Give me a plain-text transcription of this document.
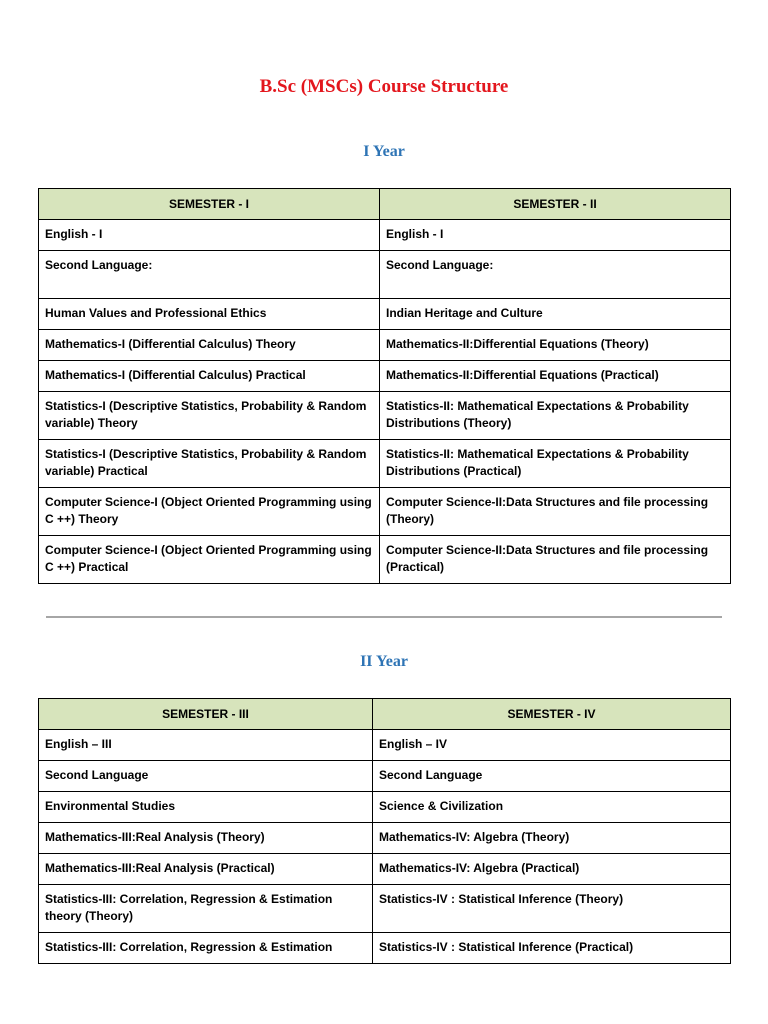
B.Sc (MSCs) Course Structure
I Year
SEMESTER - I	SEMESTER - II
English - I	English - I
Second Language:	Second Language:
Human Values and Professional Ethics	Indian Heritage and Culture
Mathematics-I (Differential Calculus) Theory	Mathematics-II:Differential Equations (Theory)
Mathematics-I (Differential Calculus) Practical	Mathematics-II:Differential Equations (Practical)
Statistics-I (Descriptive Statistics, Probability & Random variable) Theory	Statistics-II: Mathematical Expectations & Probability Distributions (Theory)
Statistics-I (Descriptive Statistics, Probability & Random variable) Practical	Statistics-II: Mathematical Expectations & Probability Distributions (Practical)
Computer Science-I (Object Oriented Programming using C ++) Theory	Computer Science-II:Data Structures and file processing (Theory)
Computer Science-I (Object Oriented Programming using C ++) Practical	Computer Science-II:Data Structures and file processing (Practical)
II Year
SEMESTER - III	SEMESTER - IV
English – III	English – IV
Second Language	Second Language
Environmental Studies	Science & Civilization
Mathematics-III:Real Analysis (Theory)	Mathematics-IV: Algebra (Theory)
Mathematics-III:Real Analysis (Practical)	Mathematics-IV: Algebra (Practical)
Statistics-III: Correlation, Regression & Estimation theory (Theory)	Statistics-IV : Statistical Inference (Theory)
Statistics-III: Correlation, Regression & Estimation	Statistics-IV : Statistical Inference (Practical)
